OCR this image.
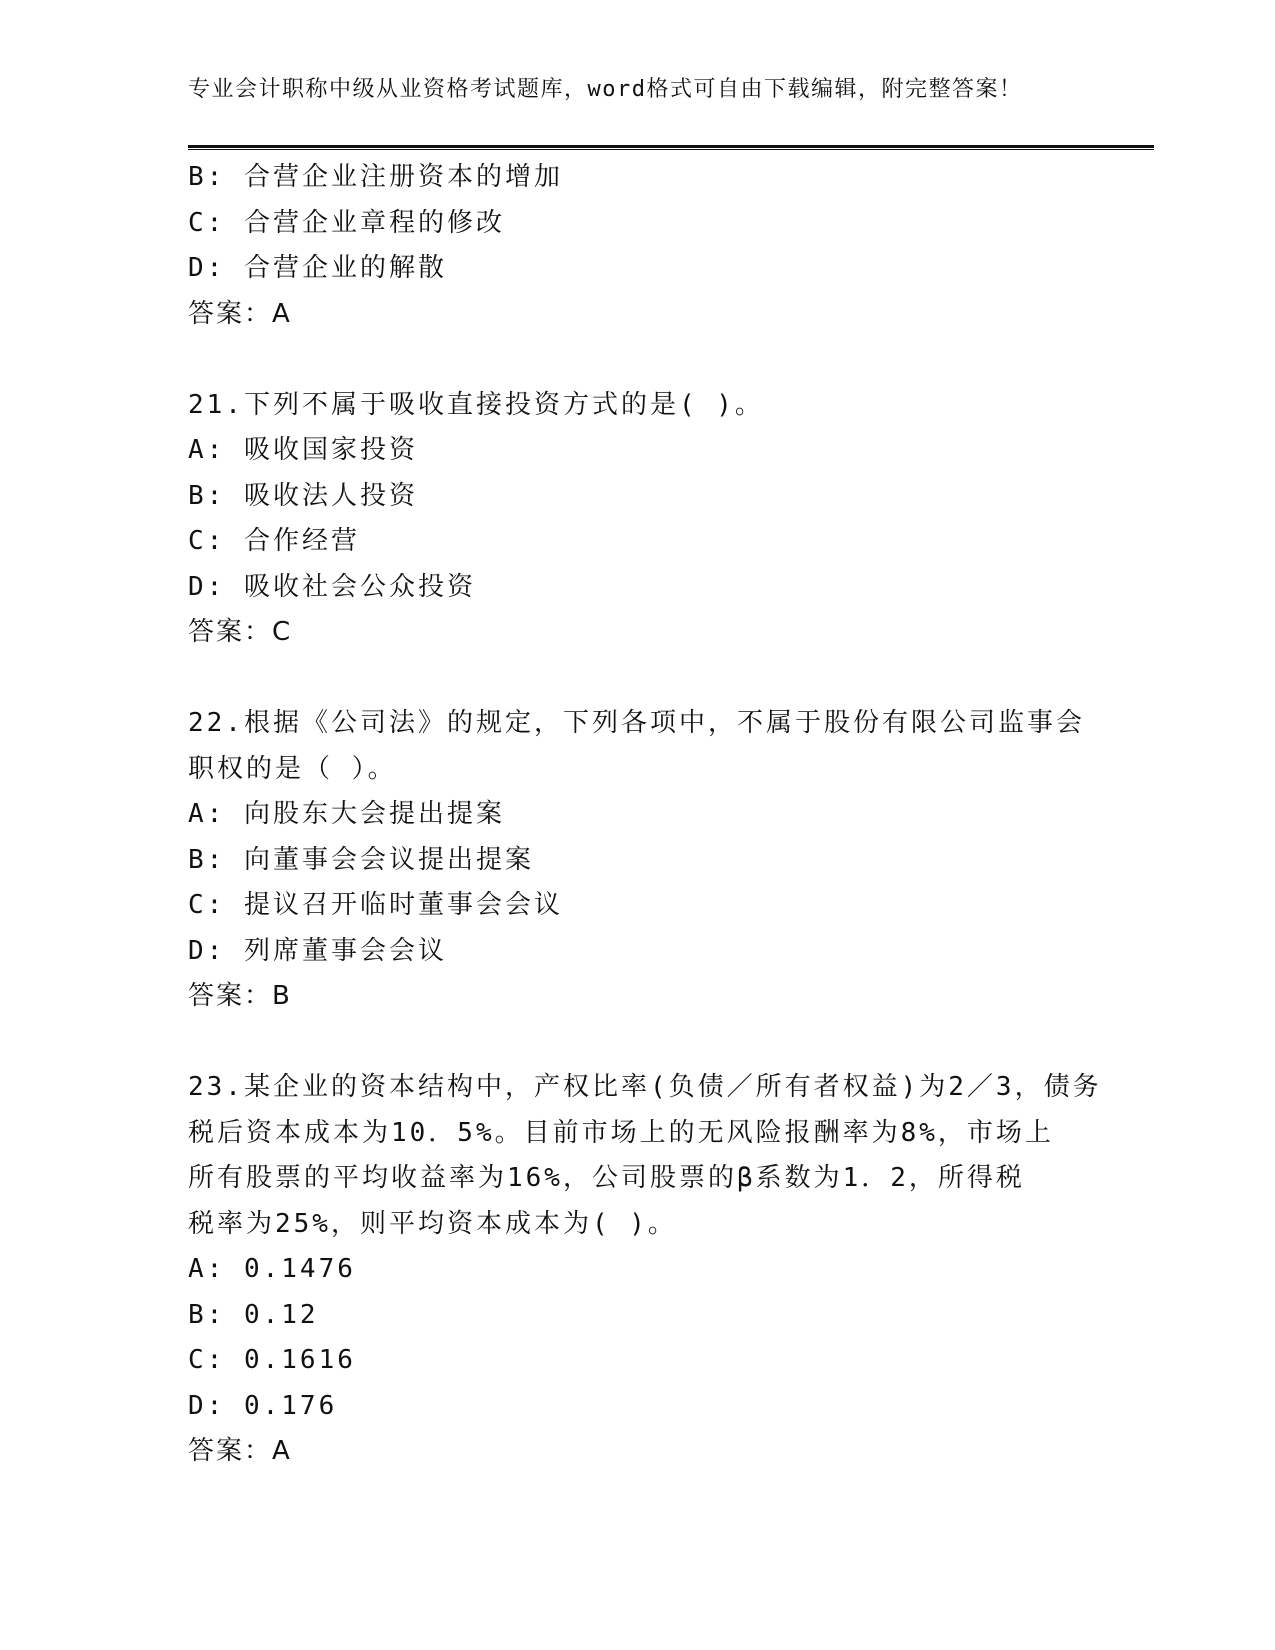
专业会计职称中级从业资格考试题库，word格式可自由下载编辑，附完整答案！
B: 合营企业注册资本的增加
C: 合营企业章程的修改
D: 合营企业的解散
答案：A
21.下列不属于吸收直接投资方式的是( )。
A: 吸收国家投资
B: 吸收法人投资
C: 合作经营
D: 吸收社会公众投资
答案：C
22.根据《公司法》的规定，下列各项中，不属于股份有限公司监事会
职权的是（ ）。
A: 向股东大会提出提案
B: 向董事会会议提出提案
C: 提议召开临时董事会会议
D: 列席董事会会议
答案：B
23.某企业的资本结构中，产权比率(负债／所有者权益)为2／3，债务
税后资本成本为10．5%。目前市场上的无风险报酬率为8%，市场上
所有股票的平均收益率为16%，公司股票的β系数为1．2，所得税
税率为25%，则平均资本成本为( )。
A: 0.1476
B: 0.12
C: 0.1616
D: 0.176
答案：A
